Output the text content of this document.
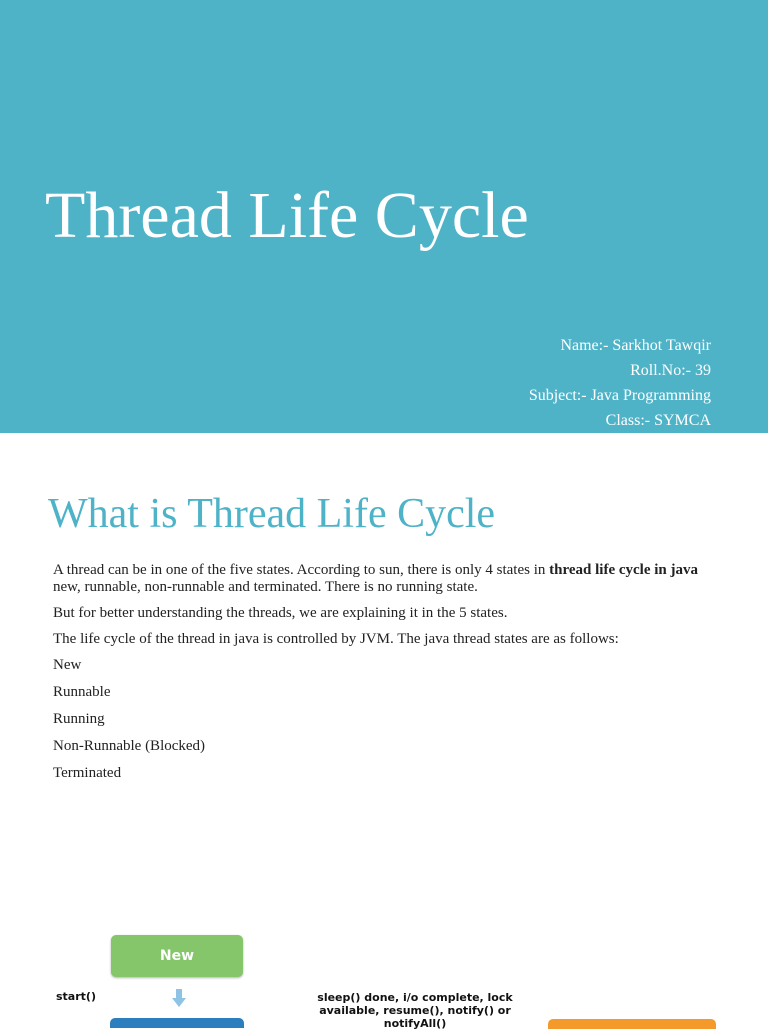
Thread Life Cycle
Name:- Sarkhot Tawqir
Roll.No:- 39
Subject:- Java Programming
Class:- SYMCA
What is Thread Life Cycle

A thread can be in one of the five states. According to sun, there is only 4 states in thread life cycle in java new, runnable, non-runnable and terminated. There is no running state.

But for better understanding the threads, we are explaining it in the 5 states.

The life cycle of the thread in java is controlled by JVM. The java thread states are as follows:

New
Runnable
Running
Non-Runnable (Blocked)
Terminated
New
start()	sleep() done, i/o complete, lock available, resume(), notify() or notifyAll()
